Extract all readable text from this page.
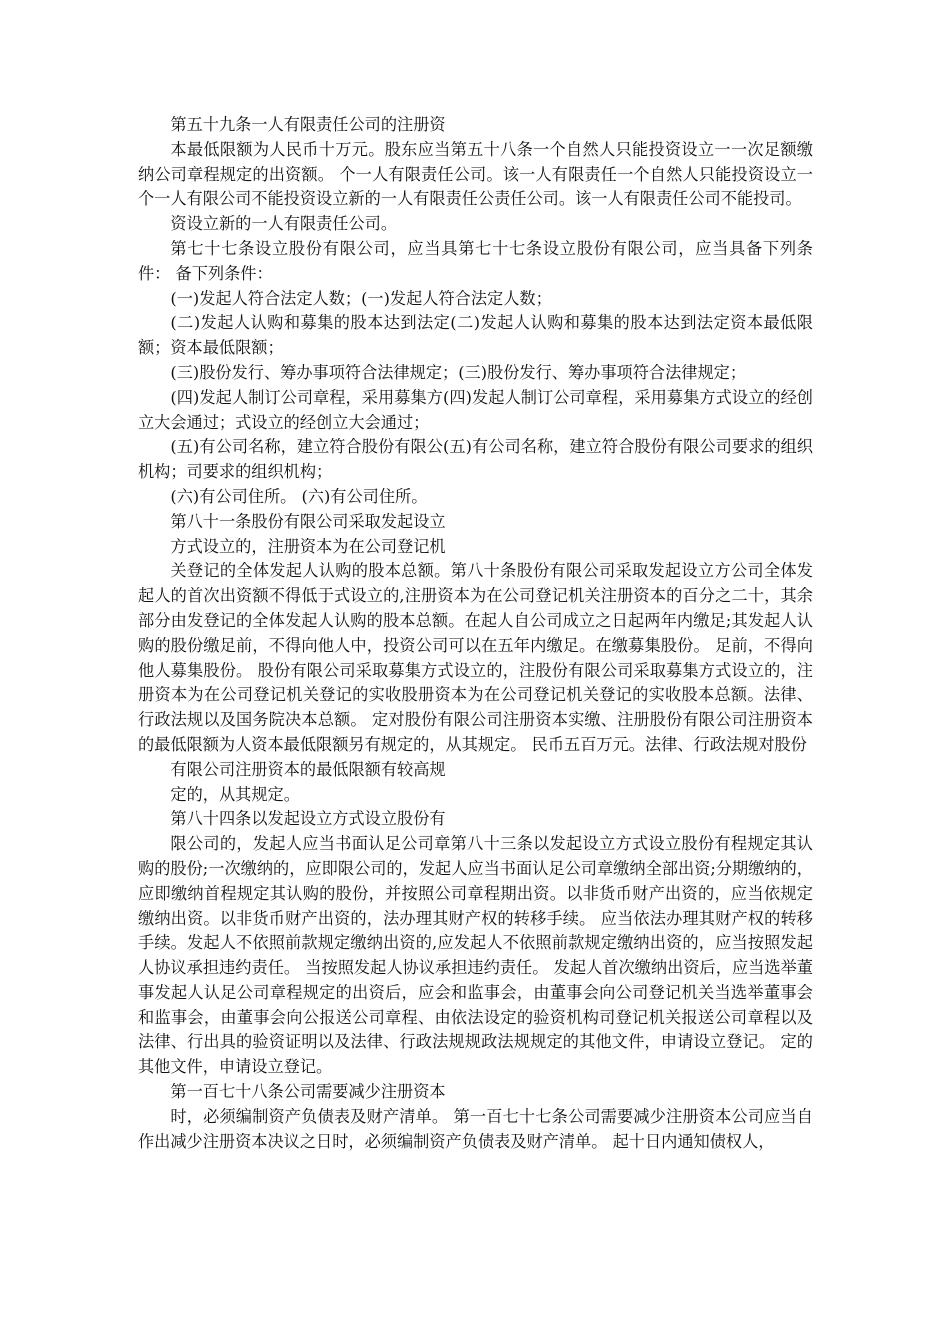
第五十九条一人有限责任公司的注册资

本最低限额为人民币十万元。股东应当第五十八条一个自然人只能投资设立一一次足额缴纳公司章程规定的出资额。 个一人有限责任公司。该一人有限责任一个自然人只能投资设立一个一人有限公司不能投资设立新的一人有限责任公责任公司。该一人有限责任公司不能投司。

资设立新的一人有限责任公司。

第七十七条设立股份有限公司，应当具第七十七条设立股份有限公司，应当具备下列条件： 备下列条件：

(一)发起人符合法定人数；(一)发起人符合法定人数；

(二)发起人认购和募集的股本达到法定(二)发起人认购和募集的股本达到法定资本最低限额；资本最低限额；

(三)股份发行、筹办事项符合法律规定；(三)股份发行、筹办事项符合法律规定；

(四)发起人制订公司章程，采用募集方(四)发起人制订公司章程，采用募集方式设立的经创立大会通过；式设立的经创立大会通过；

(五)有公司名称，建立符合股份有限公(五)有公司名称，建立符合股份有限公司要求的组织机构；司要求的组织机构；

(六)有公司住所。 (六)有公司住所。

第八十一条股份有限公司采取发起设立

方式设立的，注册资本为在公司登记机

关登记的全体发起人认购的股本总额。第八十条股份有限公司采取发起设立方公司全体发起人的首次出资额不得低于式设立的,注册资本为在公司登记机关注册资本的百分之二十，其余部分由发登记的全体发起人认购的股本总额。在起人自公司成立之日起两年内缴足;其发起人认购的股份缴足前，不得向他人中，投资公司可以在五年内缴足。在缴募集股份。 足前，不得向他人募集股份。 股份有限公司采取募集方式设立的，注股份有限公司采取募集方式设立的，注册资本为在公司登记机关登记的实收股册资本为在公司登记机关登记的实收股本总额。法律、行政法规以及国务院决本总额。 定对股份有限公司注册资本实缴、注册股份有限公司注册资本的最低限额为人资本最低限额另有规定的，从其规定。 民币五百万元。法律、行政法规对股份

有限公司注册资本的最低限额有较高规

定的，从其规定。

第八十四条以发起设立方式设立股份有

限公司的，发起人应当书面认足公司章第八十三条以发起设立方式设立股份有程规定其认购的股份;一次缴纳的，应即限公司的，发起人应当书面认足公司章缴纳全部出资;分期缴纳的，应即缴纳首程规定其认购的股份，并按照公司章程期出资。以非货币财产出资的，应当依规定缴纳出资。以非货币财产出资的，法办理其财产权的转移手续。 应当依法办理其财产权的转移手续。发起人不依照前款规定缴纳出资的,应发起人不依照前款规定缴纳出资的，应当按照发起人协议承担违约责任。 当按照发起人协议承担违约责任。 发起人首次缴纳出资后，应当选举董事发起人认足公司章程规定的出资后，应会和监事会，由董事会向公司登记机关当选举董事会和监事会，由董事会向公报送公司章程、由依法设定的验资机构司登记机关报送公司章程以及法律、行出具的验资证明以及法律、行政法规规政法规规定的其他文件，申请设立登记。 定的其他文件，申请设立登记。

第一百七十八条公司需要减少注册资本

时，必须编制资产负债表及财产清单。 第一百七十七条公司需要减少注册资本公司应当自作出减少注册资本决议之日时，必须编制资产负债表及财产清单。 起十日内通知债权人，
